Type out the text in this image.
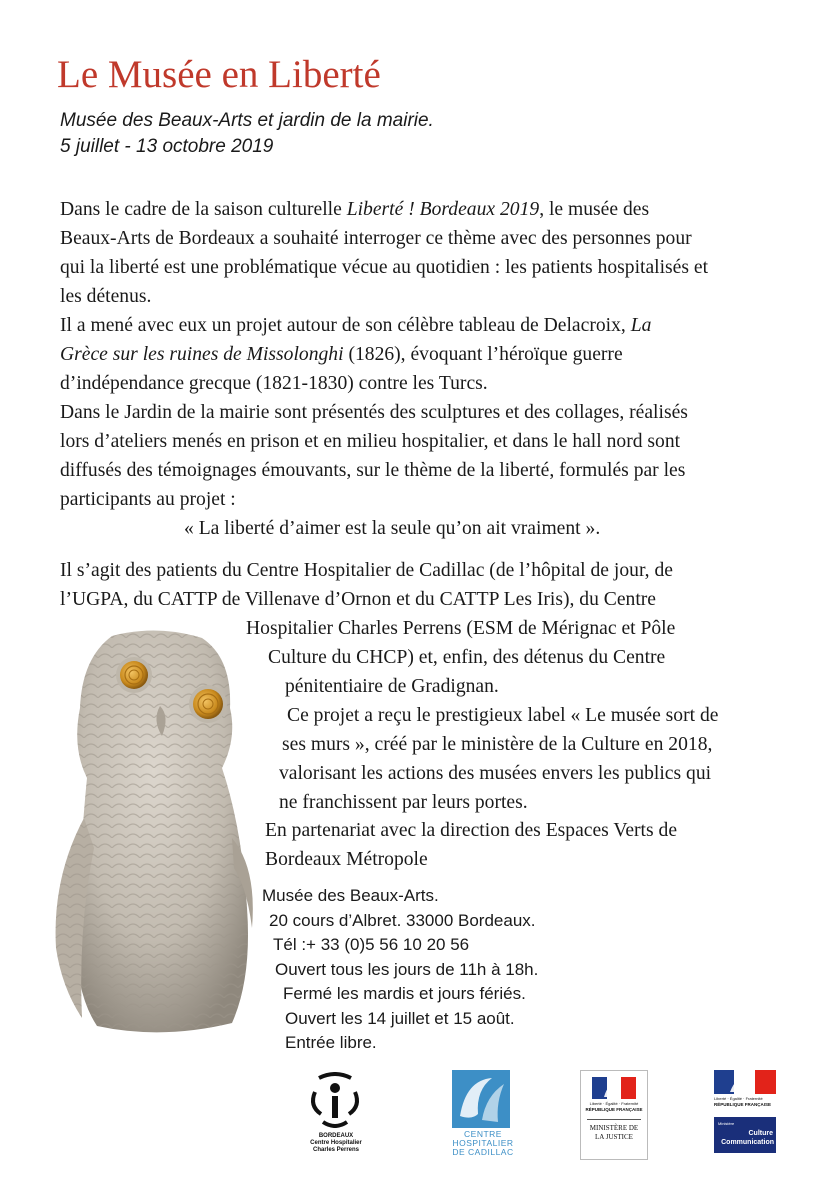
Le Musée en Liberté
Musée des Beaux-Arts et jardin de la mairie.
5 juillet - 13 octobre 2019
Dans le cadre de la saison culturelle Liberté ! Bordeaux 2019, le musée des
Beaux-Arts de Bordeaux a souhaité interroger ce thème avec des personnes pour
qui la liberté est une problématique vécue au quotidien : les patients hospitalisés et
les détenus.
Il a mené avec eux un projet autour de son célèbre tableau de Delacroix, La
Grèce sur les ruines de Missolonghi (1826), évoquant l’héroïque guerre
d’indépendance grecque (1821-1830) contre les Turcs.
Dans le Jardin de la mairie sont présentés des sculptures et des collages, réalisés
lors d’ateliers menés en prison et en milieu hospitalier, et dans le hall nord sont
diffusés des témoignages émouvants, sur le thème de la liberté, formulés par les
participants au projet :
« La liberté d’aimer est la seule qu’on ait vraiment ».
Il s’agit des patients du Centre Hospitalier de Cadillac (de l’hôpital de jour, de
l’UGPA, du CATTP de Villenave d’Ornon et du CATTP Les Iris), du Centre
Hospitalier Charles Perrens (ESM de Mérignac et Pôle
Culture du CHCP) et, enfin, des détenus du Centre
pénitentiaire de Gradignan.
Ce projet a reçu le prestigieux label « Le musée sort de
ses murs », créé par le ministère de la Culture en 2018,
valorisant les actions des musées envers les publics qui
ne franchissent par leurs portes.
En partenariat avec la direction des Espaces Verts de
Bordeaux Métropole
Musée des Beaux-Arts.
20 cours d’Albret. 33000 Bordeaux.
Tél :+ 33 (0)5 56 10 20 56
Ouvert tous les jours de 11h à 18h.
Fermé les mardis et jours fériés.
Ouvert les 14 juillet et 15 août.
Entrée libre.
BORDEAUX
Centre Hospitalier
Charles Perrens
CENTRE
HOSPITALIER
DE CADILLAC
Liberté · Égalité · Fraternité
RÉPUBLIQUE FRANÇAISE
MINISTÈRE DE
LA JUSTICE
Liberté · Égalité · Fraternité
RÉPUBLIQUE FRANÇAISE
Ministère
Culture
Communication
